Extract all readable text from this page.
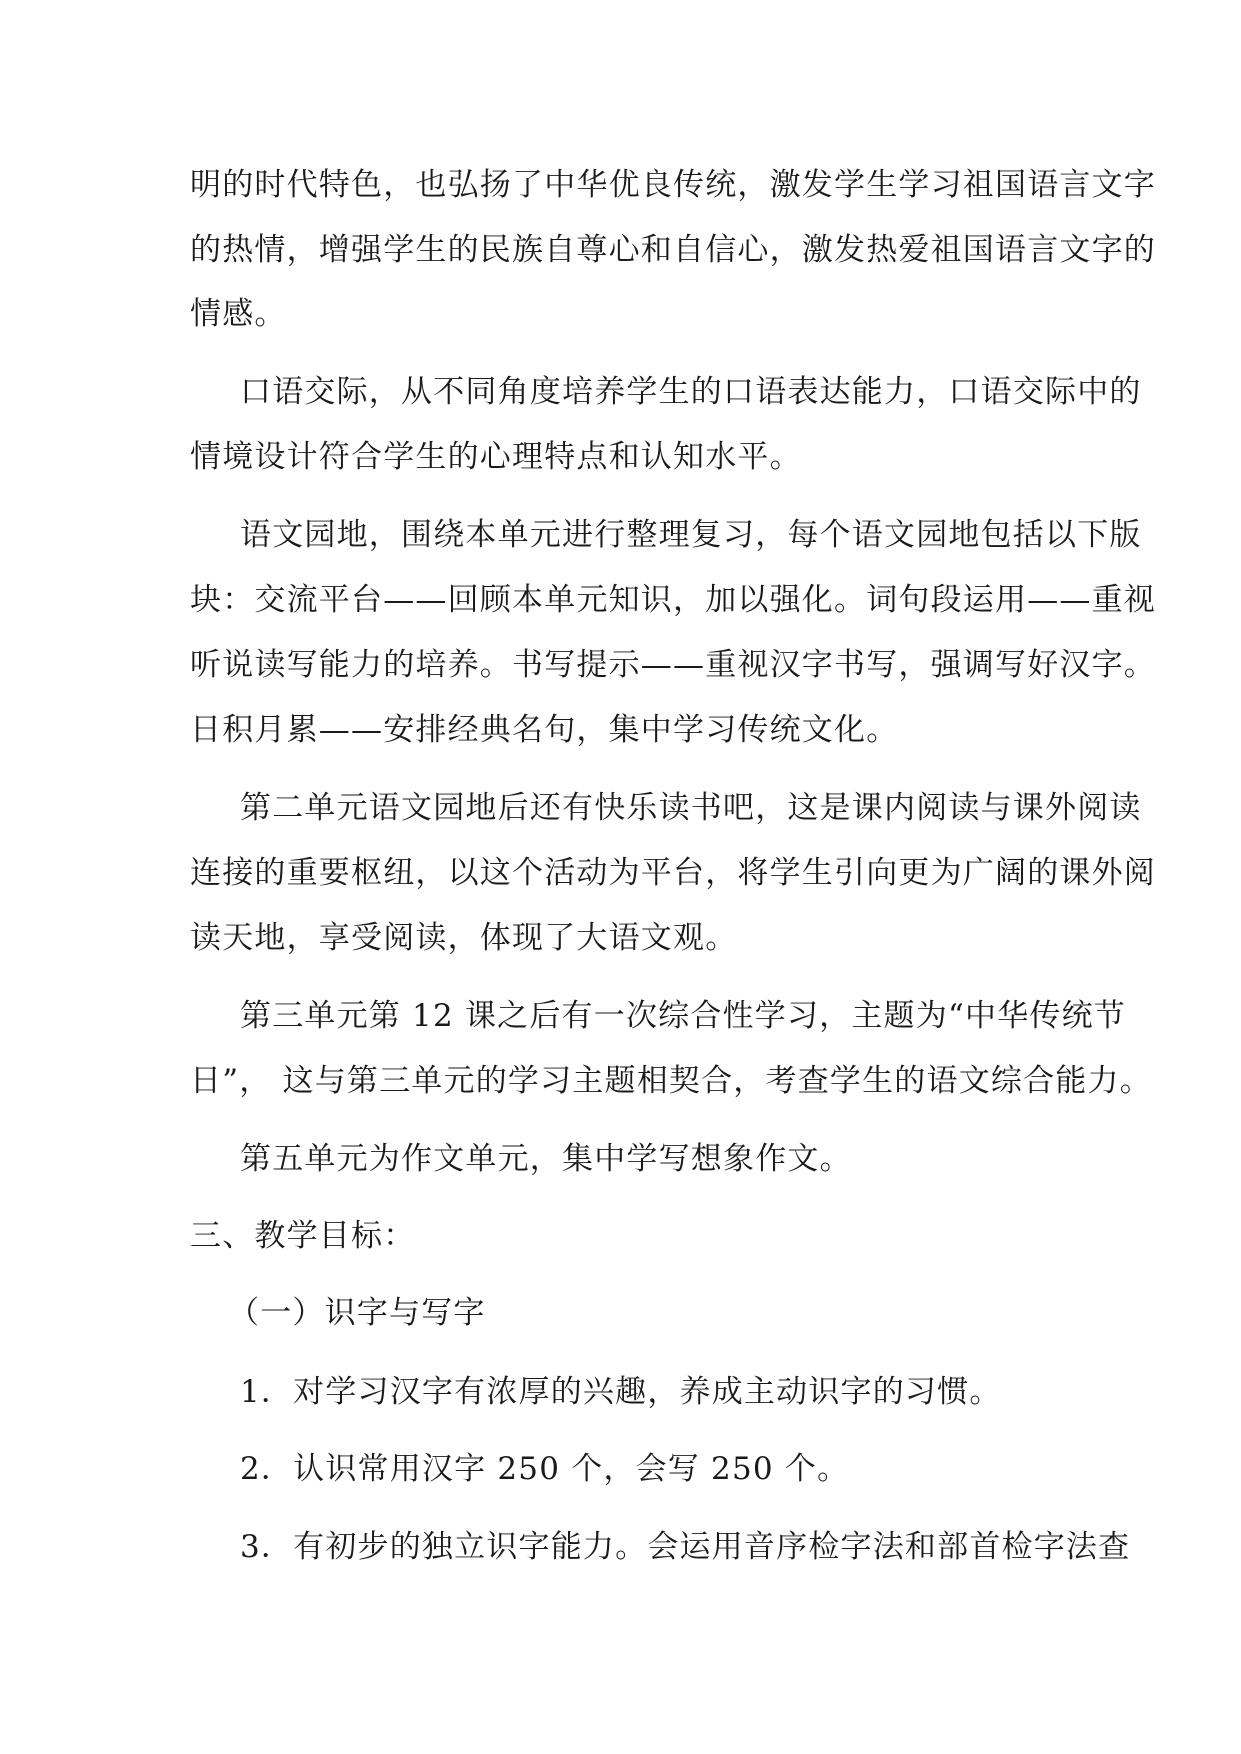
明的时代特色，也弘扬了中华优良传统，激发学生学习祖国语言文字
的热情，增强学生的民族自尊心和自信心，激发热爱祖国语言文字的
情感。
口语交际，从不同角度培养学生的口语表达能力，口语交际中的
情境设计符合学生的心理特点和认知水平。
语文园地，围绕本单元进行整理复习，每个语文园地包括以下版
块：交流平台——回顾本单元知识，加以强化。词句段运用——重视
听说读写能力的培养。书写提示——重视汉字书写，强调写好汉字。
日积月累——安排经典名句，集中学习传统文化。
第二单元语文园地后还有快乐读书吧，这是课内阅读与课外阅读
连接的重要枢纽，以这个活动为平台，将学生引向更为广阔的课外阅
读天地，享受阅读，体现了大语文观。
第三单元第 12 课之后有一次综合性学习，主题为“中华传统节
日”， 这与第三单元的学习主题相契合，考查学生的语文综合能力。
第五单元为作文单元，集中学写想象作文。
三、教学目标：
（一）识字与写字
1．对学习汉字有浓厚的兴趣，养成主动识字的习惯。
2．认识常用汉字 250 个，会写 250 个。
3．有初步的独立识字能力。会运用音序检字法和部首检字法查
